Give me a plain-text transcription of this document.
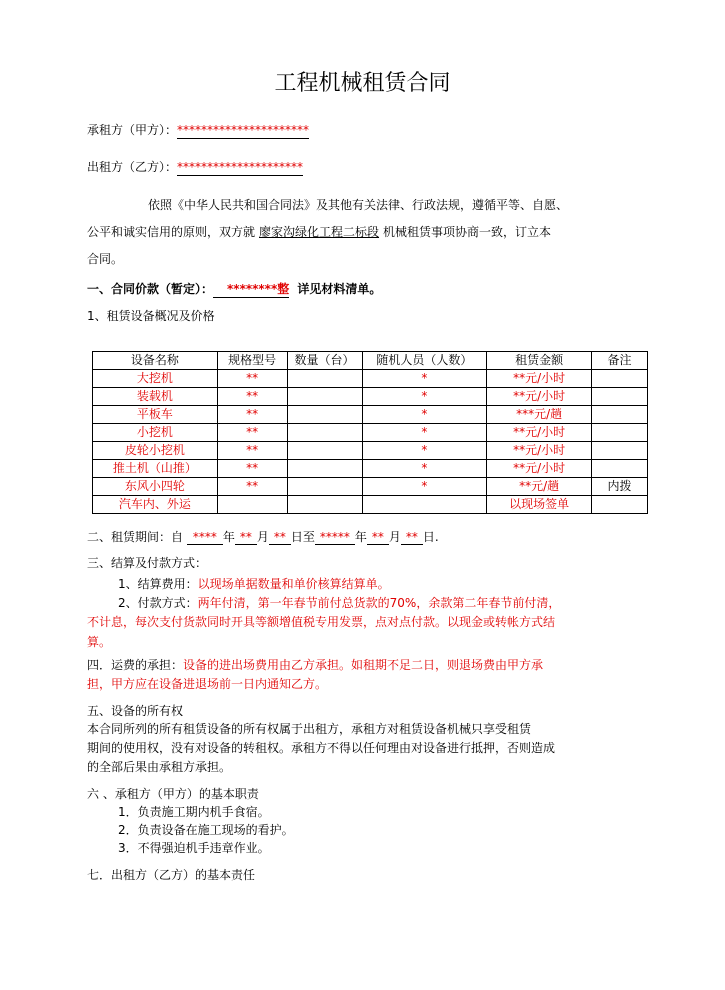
工程机械租赁合同
承租方（甲方）：**********************
出租方（乙方）：*********************
依照《中华人民共和国合同法》及其他有关法律、行政法规，遵循平等、自愿、
公平和诚实信用的原则，双方就 廖家沟绿化工程二标段 机械租赁事项协商一致，订立本
合同。
一、合同价款（暂定）： ********整 详见材料清单。
1、租赁设备概况及价格
设备名称	规格型号	数量（台）	随机人员（人数）	租赁金额	备注
大挖机	**		*	**元/小时	
装载机	**		*	**元/小时	
平板车	**		*	***元/趟	
小挖机	**		*	**元/小时	
皮轮小挖机	**		*	**元/小时	
推土机（山推）	**		*	**元/小时	
东风小四轮	**		*	**元/趟	内拨
汽车内、外运				以现场签单	
二、租赁期间：自 **** 年 ** 月 ** 日至 ***** 年 ** 月 ** 日.
三、结算及付款方式：
1、结算费用：以现场单据数量和单价核算结算单。
2、付款方式：两年付清，第一年春节前付总货款的70%，余款第二年春节前付清，
不计息，每次支付货款同时开具等额增值税专用发票，点对点付款。以现金或转帐方式结
算。
四．运费的承担：设备的进出场费用由乙方承担。如租期不足二日，则退场费由甲方承
担，甲方应在设备进退场前一日内通知乙方。
五、设备的所有权
本合同所列的所有租赁设备的所有权属于出租方，承租方对租赁设备机械只享受租赁
期间的使用权，没有对设备的转租权。承租方不得以任何理由对设备进行抵押，否则造成
的全部后果由承租方承担。
六 、承租方（甲方）的基本职责
1．负责施工期内机手食宿。
2．负责设备在施工现场的看护。
3．不得强迫机手违章作业。
七．出租方（乙方）的基本责任
